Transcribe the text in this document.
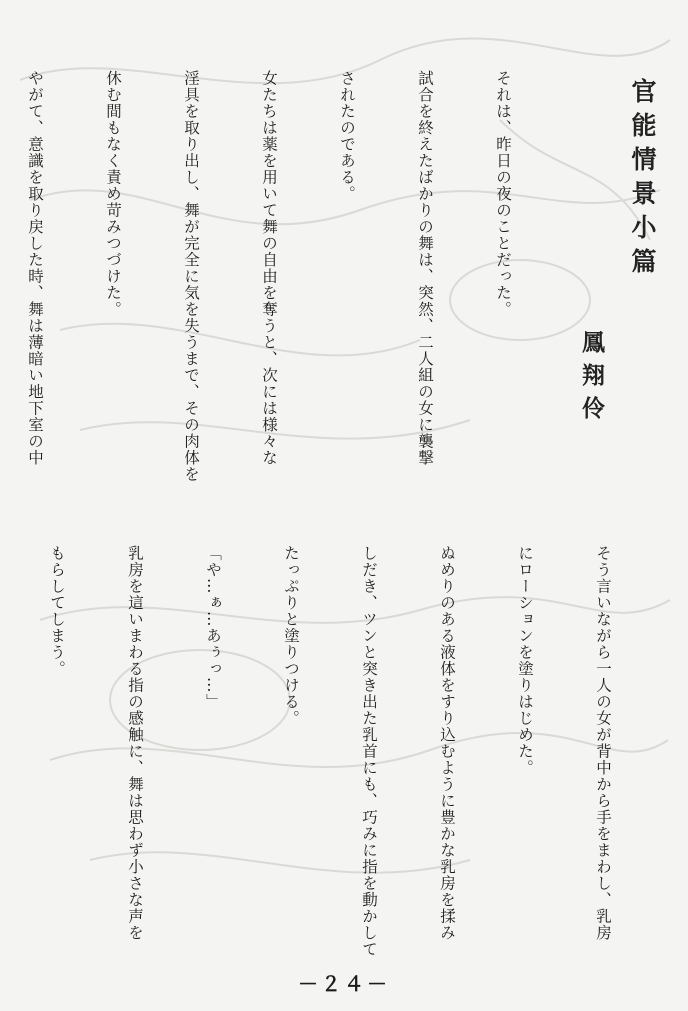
官能情景小篇
鳳翔伶

それは、昨日の夜のことだった。

試合を終えたばかりの舞は、突然、二人組の女に襲撃

されたのである。

女たちは薬を用いて舞の自由を奪うと、次には様々な

淫具を取り出し、舞が完全に気を失うまで、その肉体を

休む間もなく責め苛みつづけた。

やがて、意識を取り戻した時、舞は薄暗い地下室の中

そう言いながら一人の女が背中から手をまわし、乳房

にローションを塗りはじめた。

ぬめりのある液体をすり込むように豊かな乳房を揉み

しだき、ツンと突き出た乳首にも、巧みに指を動かして

たっぷりと塗りつける。

「や…ぁ…あぅっ…」

乳房を這いまわる指の感触に、舞は思わず小さな声を

もらしてしまう。

－２４－
